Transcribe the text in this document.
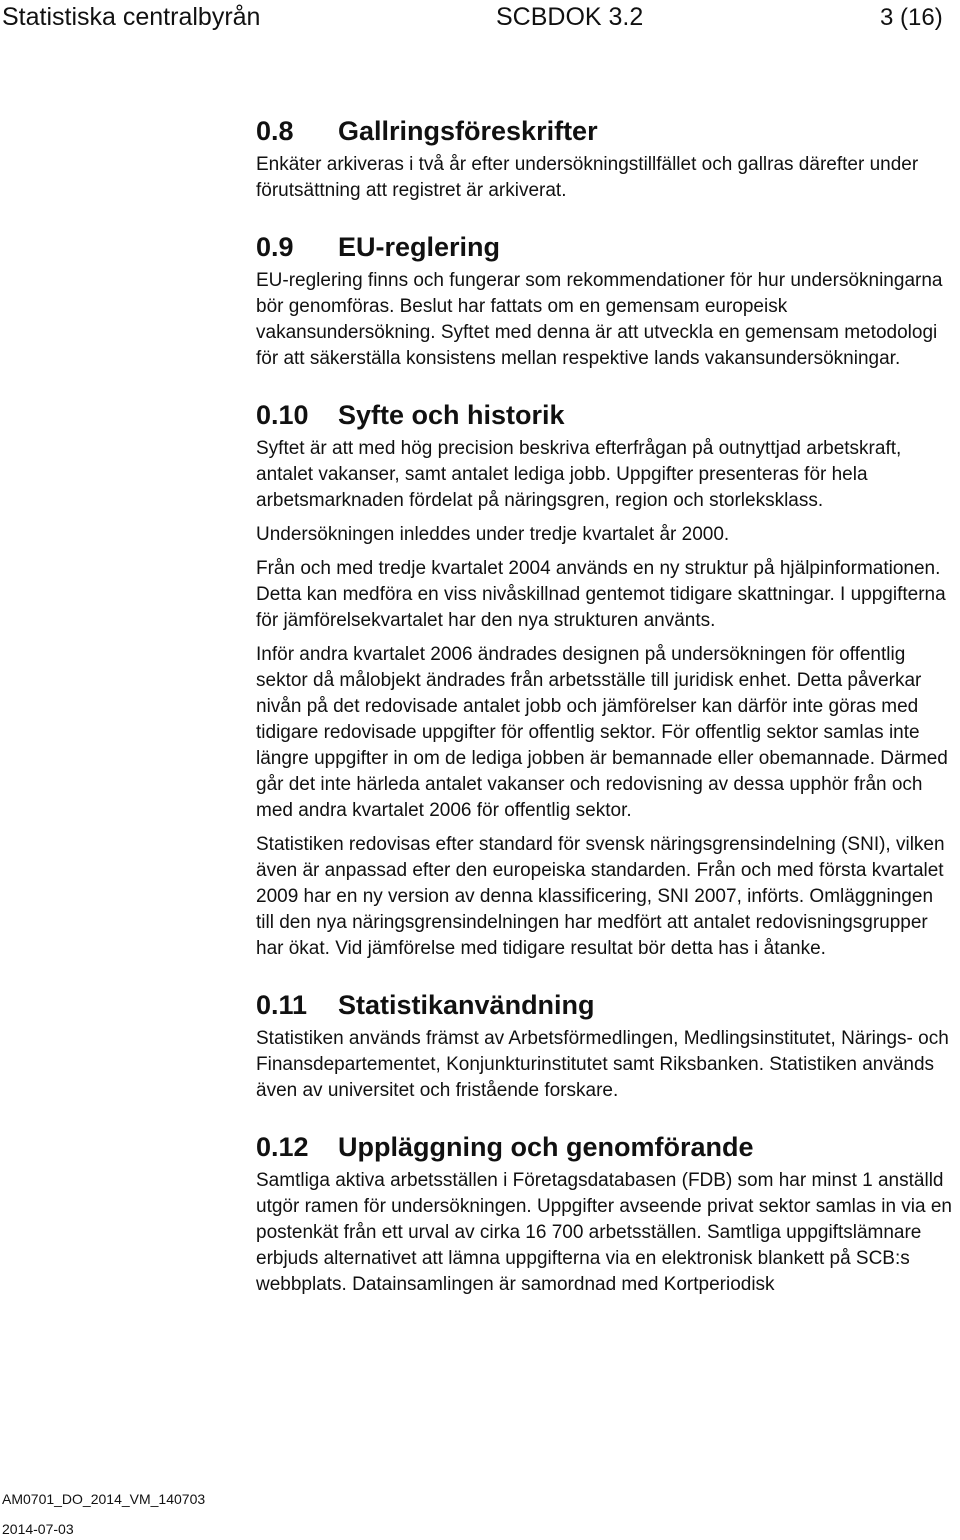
Statistiska centralbyrån	SCBDOK 3.2	3 (16)
0.8	Gallringsföreskrifter

Enkäter arkiveras i två år efter undersökningstillfället och gallras därefter under förutsättning att registret är arkiverat.

0.9	EU-reglering

EU-reglering finns och fungerar som rekommendationer för hur undersökningarna bör genomföras. Beslut har fattats om en gemensam europeisk vakansundersökning. Syftet med denna är att utveckla en gemensam metodologi för att säkerställa konsistens mellan respektive lands vakansundersökningar.

0.10	Syfte och historik

Syftet är att med hög precision beskriva efterfrågan på outnyttjad arbetskraft, antalet vakanser, samt antalet lediga jobb. Uppgifter presenteras för hela arbetsmarknaden fördelat på näringsgren, region och storleksklass.

Undersökningen inleddes under tredje kvartalet år 2000.

Från och med tredje kvartalet 2004 används en ny struktur på hjälpinformationen. Detta kan medföra en viss nivåskillnad gentemot tidigare skattningar. I uppgifterna för jämförelsekvartalet har den nya strukturen använts.

Inför andra kvartalet 2006 ändrades designen på undersökningen för offentlig sektor då målobjekt ändrades från arbetsställe till juridisk enhet. Detta påverkar nivån på det redovisade antalet jobb och jämförelser kan därför inte göras med tidigare redovisade uppgifter för offentlig sektor. För offentlig sektor samlas inte längre uppgifter in om de lediga jobben är bemannade eller obemannade. Därmed går det inte härleda antalet vakanser och redovisning av dessa upphör från och med andra kvartalet 2006 för offentlig sektor.

Statistiken redovisas efter standard för svensk näringsgrensindelning (SNI), vilken även är anpassad efter den europeiska standarden. Från och med första kvartalet 2009 har en ny version av denna klassificering, SNI 2007, införts. Omläggningen till den nya näringsgrensindelningen har medfört att antalet redovisningsgrupper har ökat. Vid jämförelse med tidigare resultat bör detta has i åtanke.

0.11	Statistikanvändning

Statistiken används främst av Arbetsförmedlingen, Medlingsinstitutet, Närings- och Finansdepartementet, Konjunkturinstitutet samt Riksbanken. Statistiken används även av universitet och fristående forskare.

0.12	Uppläggning och genomförande

Samtliga aktiva arbetsställen i Företagsdatabasen (FDB) som har minst 1 anställd utgör ramen för undersökningen. Uppgifter avseende privat sektor samlas in via en postenkät från ett urval av cirka 16 700 arbetsställen. Samtliga uppgiftslämnare erbjuds alternativet att lämna uppgifterna via en elektronisk blankett på SCB:s webbplats. Datainsamlingen är samordnad med Kortperiodisk

AM0701_DO_2014_VM_140703
2014-07-03
